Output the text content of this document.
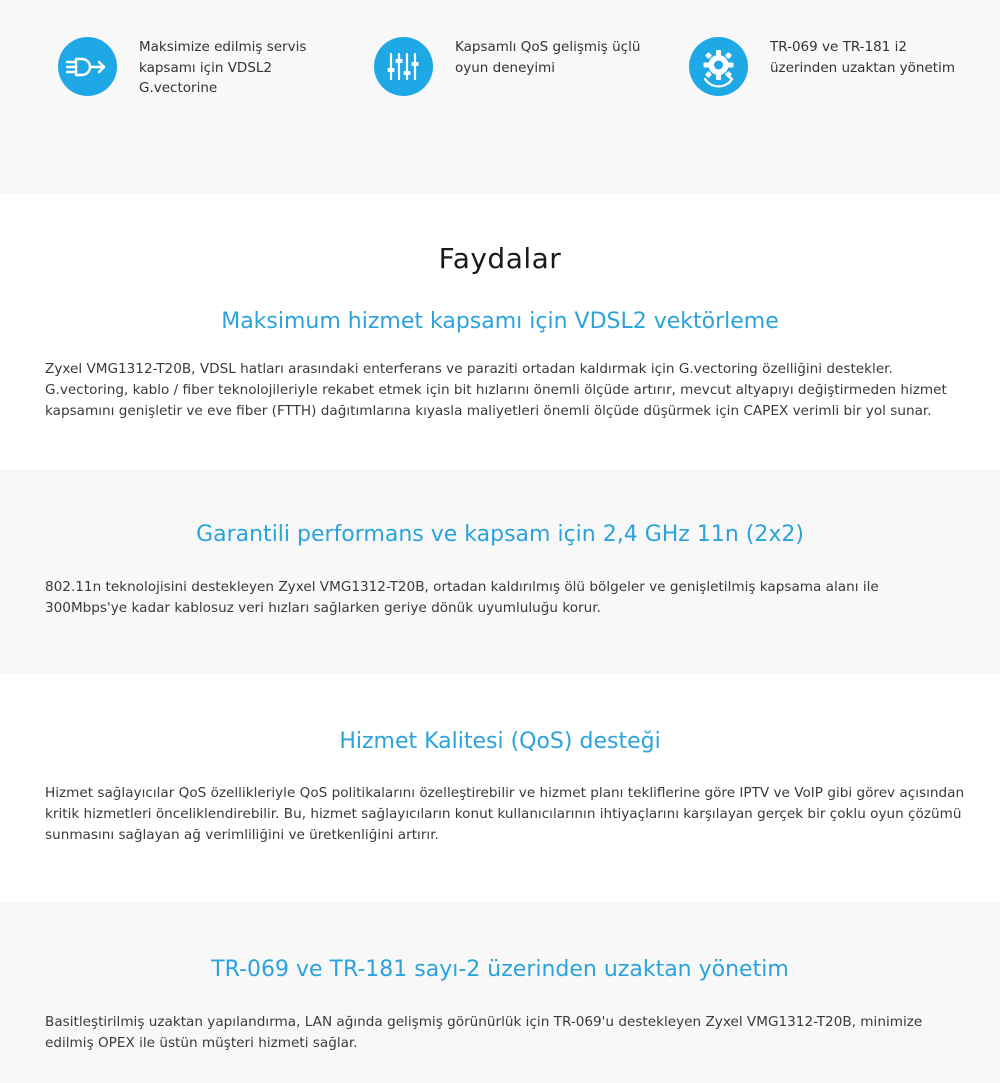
Maksimize edilmiş servis kapsamı için VDSL2 G.vectorine
Kapsamlı QoS gelişmiş üçlü oyun deneyimi
TR-069 ve TR-181 i2 üzerinden uzaktan yönetim
Faydalar
Maksimum hizmet kapsamı için VDSL2 vektörleme
Zyxel VMG1312-T20B, VDSL hatları arasındaki enterferans ve paraziti ortadan kaldırmak için G.vectoring özelliğini destekler. G.vectoring, kablo / fiber teknolojileriyle rekabet etmek için bit hızlarını önemli ölçüde artırır, mevcut altyapıyı değiştirmeden hizmet kapsamını genişletir ve eve fiber (FTTH) dağıtımlarına kıyasla maliyetleri önemli ölçüde düşürmek için CAPEX verimli bir yol sunar.
Garantili performans ve kapsam için 2,4 GHz 11n (2x2)
802.11n teknolojisini destekleyen Zyxel VMG1312-T20B, ortadan kaldırılmış ölü bölgeler ve genişletilmiş kapsama alanı ile 300Mbps'ye kadar kablosuz veri hızları sağlarken geriye dönük uyumluluğu korur.
Hizmet Kalitesi (QoS) desteği
Hizmet sağlayıcılar QoS özellikleriyle QoS politikalarını özelleştirebilir ve hizmet planı tekliflerine göre IPTV ve VoIP gibi görev açısından kritik hizmetleri önceliklendirebilir. Bu, hizmet sağlayıcıların konut kullanıcılarının ihtiyaçlarını karşılayan gerçek bir çoklu oyun çözümü sunmasını sağlayan ağ verimliliğini ve üretkenliğini artırır.
TR-069 ve TR-181 sayı-2 üzerinden uzaktan yönetim
Basitleştirilmiş uzaktan yapılandırma, LAN ağında gelişmiş görünürlük için TR-069'u destekleyen Zyxel VMG1312-T20B, minimize edilmiş OPEX ile üstün müşteri hizmeti sağlar.
